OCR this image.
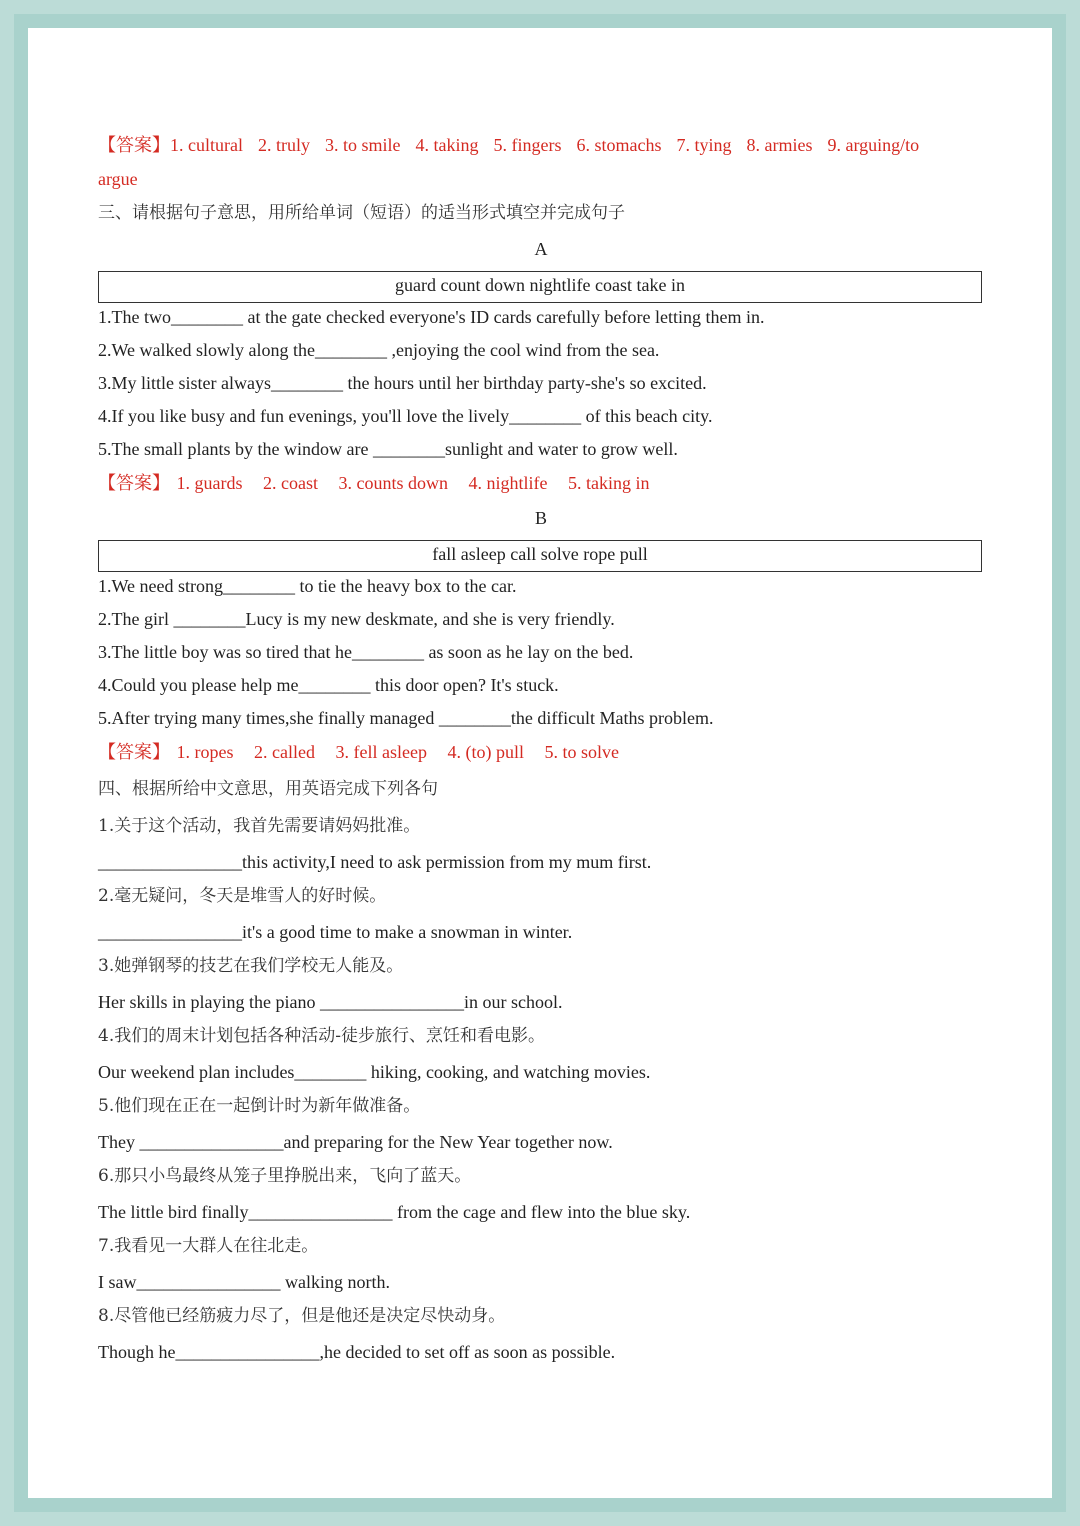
【答案】1. cultural 2. truly 3. to smile 4. taking 5. fingers 6. stomachs 7. tying 8. armies 9. arguing/to
argue
三、请根据句子意思，用所给单词（短语）的适当形式填空并完成句子
A
guard count down nightlife coast take in
1.The two________ at the gate checked everyone's ID cards carefully before letting them in.
2.We walked slowly along the________ ,enjoying the cool wind from the sea.
3.My little sister always________ the hours until her birthday party-she's so excited.
4.If you like busy and fun evenings, you'll love the lively________ of this beach city.
5.The small plants by the window are ________sunlight and water to grow well.
【答案】 1. guards 2. coast 3. counts down 4. nightlife 5. taking in
B
fall asleep call solve rope pull
1.We need strong________ to tie the heavy box to the car.
2.The girl ________Lucy is my new deskmate, and she is very friendly.
3.The little boy was so tired that he________ as soon as he lay on the bed.
4.Could you please help me________ this door open? It's stuck.
5.After trying many times,she finally managed ________the difficult Maths problem.
【答案】 1. ropes 2. called 3. fell asleep 4. (to) pull 5. to solve
四、根据所给中文意思，用英语完成下列各句
1.关于这个活动，我首先需要请妈妈批准。
________________this activity,I need to ask permission from my mum first.
2.毫无疑问，冬天是堆雪人的好时候。
________________it's a good time to make a snowman in winter.
3.她弹钢琴的技艺在我们学校无人能及。
Her skills in playing the piano ________________in our school.
4.我们的周末计划包括各种活动-徒步旅行、烹饪和看电影。
Our weekend plan includes________ hiking, cooking, and watching movies.
5.他们现在正在一起倒计时为新年做准备。
They ________________and preparing for the New Year together now.
6.那只小鸟最终从笼子里挣脱出来，飞向了蓝天。
The little bird finally________________ from the cage and flew into the blue sky.
7.我看见一大群人在往北走。
I saw________________ walking north.
8.尽管他已经筋疲力尽了，但是他还是决定尽快动身。
Though he________________,he decided to set off as soon as possible.
